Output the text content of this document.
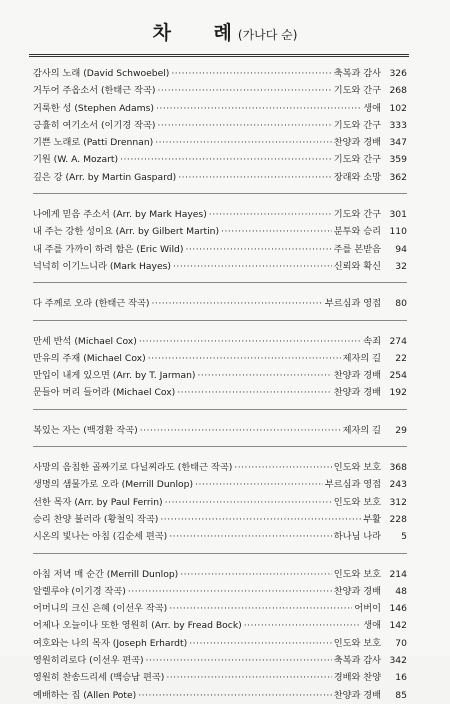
차 례(가나다 순)
감사의 노래 (David Schwoebel) ·····	축복과 감사 326
거두어 주옵소서 (한태근 작곡) ·····	기도와 간구 268
거룩한 성 (Stephen Adams) ·····	생애 102
긍휼히 여기소서 (이기경 작곡) ·····	기도와 간구 333
기쁜 노래로 (Patti Drennan) ·····	찬양과 경배 347
기원 (W. A. Mozart) ·····	기도와 간구 359
깊은 강 (Arr. by Martin Gaspard) ·····	장래와 소망 362
나에게 믿음 주소서 (Arr. by Mark Hayes) ·····	기도와 간구 301
내 주는 강한 성이요 (Arr. by Gilbert Martin) ·····	분투와 승리 110
내 주를 가까이 하려 함은 (Eric Wild) ·····	주를 본받음	94
넉넉히 이기느니라 (Mark Hayes) ·····	신뢰와 확신	32
다 주께로 오라 (한태근 작곡) ·····	부르심과 영접	80
만세 반석 (Michael Cox) ·····	속죄 274
만유의 주재 (Michael Cox) ·····	제자의 길	22
만입이 내게 있으면 (Arr. by T. Jarman) ·····	찬양과 경배 254
문들아 머리 들어라 (Michael Cox) ·····	찬양과 경배 192
복있는 자는 (백경환 작곡) ·····	제자의 길	29
사망의 음침한 골짜기로 다닐찌라도 (한태근 작곡) ·····	인도와 보호 368
생명의 샘물가로 오라 (Merrill Dunlop) ·····	부르심과 영접 243
선한 목자 (Arr. by Paul Ferrin) ·····	인도와 보호 312
승리 찬양 불러라 (황철익 작곡) ·····	부활 228
시온의 빛나는 아침 (김순세 편곡) ·····	하나님 나라	5
아침 저녁 매 순간 (Merrill Dunlop) ·····	인도와 보호 214
알렐루야 (이기경 작곡) ·····	찬양과 경배	48
어머니의 크신 은혜 (이선우 작곡) ·····	어버이 146
어제나 오늘이나 또한 영원히 (Arr. by Fread Bock) ·····	생애 142
여호와는 나의 목자 (Joseph Erhardt) ·····	인도와 보호	70
영원히리로다 (이선우 편곡) ·····	축복과 감사 342
영원히 찬송드리세 (백승남 편곡) ·····	경배와 찬양	16
예배하는 집 (Allen Pote) ·····	찬양과 경배	85
